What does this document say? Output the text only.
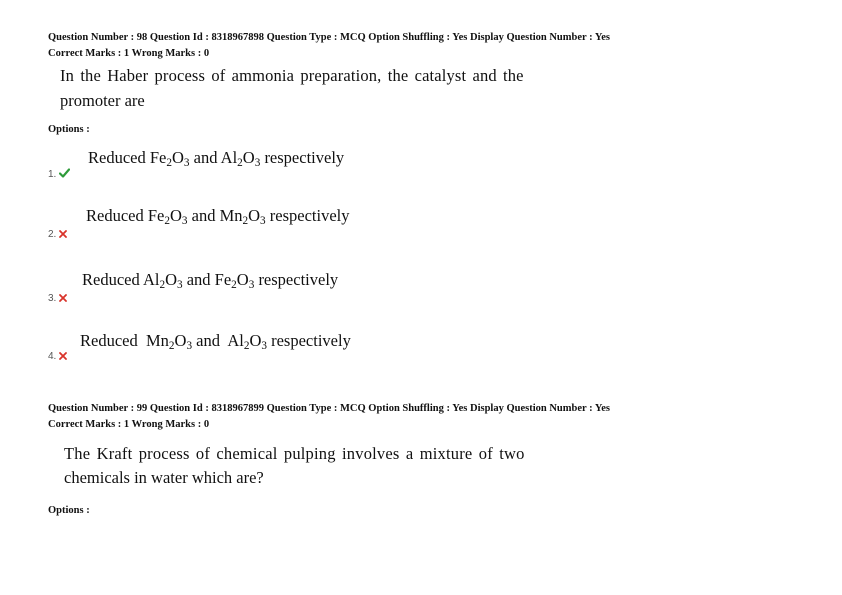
Question Number : 98 Question Id : 8318967898 Question Type : MCQ Option Shuffling : Yes Display Question Number : Yes
Correct Marks : 1 Wrong Marks : 0
In the Haber process of ammonia preparation, the catalyst and the
promoter are
Options :
Reduced $Fe_2O_3$ and $Al_2O_3$ respectively
1.
Reduced $Fe_2O_3$ and $Mn_2O_3$ respectively
2.
Reduced $Al_2O_3$ and $Fe_2O_3$ respectively
3.
Reduced  $Mn_2O_3$ and  $Al_2O_3$ respectively
4.
Question Number : 99 Question Id : 8318967899 Question Type : MCQ Option Shuffling : Yes Display Question Number : Yes
Correct Marks : 1 Wrong Marks : 0
The Kraft process of chemical pulping involves a mixture of two
chemicals in water which are?
Options :
